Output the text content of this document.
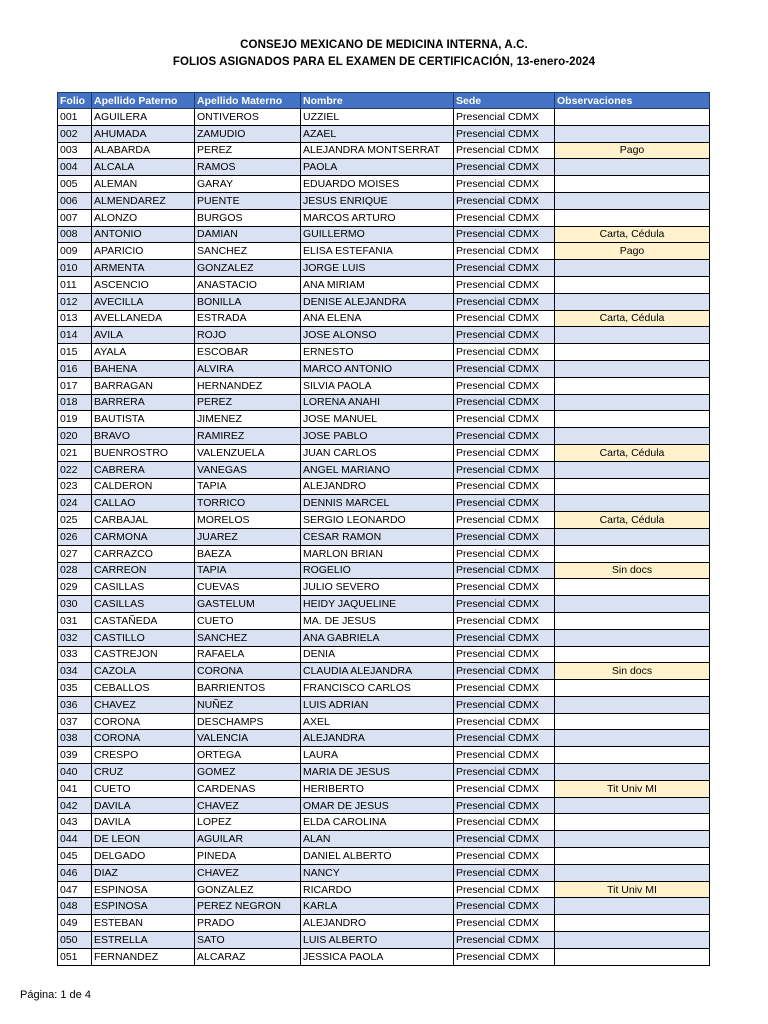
CONSEJO MEXICANO DE MEDICINA INTERNA, A.C.
FOLIOS ASIGNADOS PARA EL EXAMEN DE CERTIFICACIÓN, 13-enero-2024
Folio	Apellido Paterno	Apellido Materno	Nombre	Sede	Observaciones
001	AGUILERA	ONTIVEROS	UZZIEL	Presencial CDMX	
002	AHUMADA	ZAMUDIO	AZAEL	Presencial CDMX	
003	ALABARDA	PEREZ	ALEJANDRA MONTSERRAT	Presencial CDMX	Pago
004	ALCALA	RAMOS	PAOLA	Presencial CDMX	
005	ALEMAN	GARAY	EDUARDO MOISES	Presencial CDMX	
006	ALMENDAREZ	PUENTE	JESUS ENRIQUE	Presencial CDMX	
007	ALONZO	BURGOS	MARCOS ARTURO	Presencial CDMX	
008	ANTONIO	DAMIAN	GUILLERMO	Presencial CDMX	Carta, Cédula
009	APARICIO	SANCHEZ	ELISA ESTEFANIA	Presencial CDMX	Pago
010	ARMENTA	GONZALEZ	JORGE LUIS	Presencial CDMX	
011	ASCENCIO	ANASTACIO	ANA MIRIAM	Presencial CDMX	
012	AVECILLA	BONILLA	DENISE ALEJANDRA	Presencial CDMX	
013	AVELLANEDA	ESTRADA	ANA ELENA	Presencial CDMX	Carta, Cédula
014	AVILA	ROJO	JOSE ALONSO	Presencial CDMX	
015	AYALA	ESCOBAR	ERNESTO	Presencial CDMX	
016	BAHENA	ALVIRA	MARCO ANTONIO	Presencial CDMX	
017	BARRAGAN	HERNANDEZ	SILVIA PAOLA	Presencial CDMX	
018	BARRERA	PEREZ	LORENA ANAHI	Presencial CDMX	
019	BAUTISTA	JIMENEZ	JOSE MANUEL	Presencial CDMX	
020	BRAVO	RAMIREZ	JOSE PABLO	Presencial CDMX	
021	BUENROSTRO	VALENZUELA	JUAN CARLOS	Presencial CDMX	Carta, Cédula
022	CABRERA	VANEGAS	ANGEL MARIANO	Presencial CDMX	
023	CALDERON	TAPIA	ALEJANDRO	Presencial CDMX	
024	CALLAO	TORRICO	DENNIS MARCEL	Presencial CDMX	
025	CARBAJAL	MORELOS	SERGIO LEONARDO	Presencial CDMX	Carta, Cédula
026	CARMONA	JUAREZ	CESAR RAMON	Presencial CDMX	
027	CARRAZCO	BAEZA	MARLON BRIAN	Presencial CDMX	
028	CARREON	TAPIA	ROGELIO	Presencial CDMX	Sin docs
029	CASILLAS	CUEVAS	JULIO SEVERO	Presencial CDMX	
030	CASILLAS	GASTELUM	HEIDY JAQUELINE	Presencial CDMX	
031	CASTAÑEDA	CUETO	MA. DE JESUS	Presencial CDMX	
032	CASTILLO	SANCHEZ	ANA GABRIELA	Presencial CDMX	
033	CASTREJON	RAFAELA	DENIA	Presencial CDMX	
034	CAZOLA	CORONA	CLAUDIA ALEJANDRA	Presencial CDMX	Sin docs
035	CEBALLOS	BARRIENTOS	FRANCISCO CARLOS	Presencial CDMX	
036	CHAVEZ	NUÑEZ	LUIS ADRIAN	Presencial CDMX	
037	CORONA	DESCHAMPS	AXEL	Presencial CDMX	
038	CORONA	VALENCIA	ALEJANDRA	Presencial CDMX	
039	CRESPO	ORTEGA	LAURA	Presencial CDMX	
040	CRUZ	GOMEZ	MARIA DE JESUS	Presencial CDMX	
041	CUETO	CARDENAS	HERIBERTO	Presencial CDMX	Tit Univ MI
042	DAVILA	CHAVEZ	OMAR DE JESUS	Presencial CDMX	
043	DAVILA	LOPEZ	ELDA CAROLINA	Presencial CDMX	
044	DE LEON	AGUILAR	ALAN	Presencial CDMX	
045	DELGADO	PINEDA	DANIEL ALBERTO	Presencial CDMX	
046	DIAZ	CHAVEZ	NANCY	Presencial CDMX	
047	ESPINOSA	GONZALEZ	RICARDO	Presencial CDMX	Tit Univ MI
048	ESPINOSA	PEREZ NEGRON	KARLA	Presencial CDMX	
049	ESTEBAN	PRADO	ALEJANDRO	Presencial CDMX	
050	ESTRELLA	SATO	LUIS ALBERTO	Presencial CDMX	
051	FERNANDEZ	ALCARAZ	JESSICA PAOLA	Presencial CDMX	
Página: 1 de 4
